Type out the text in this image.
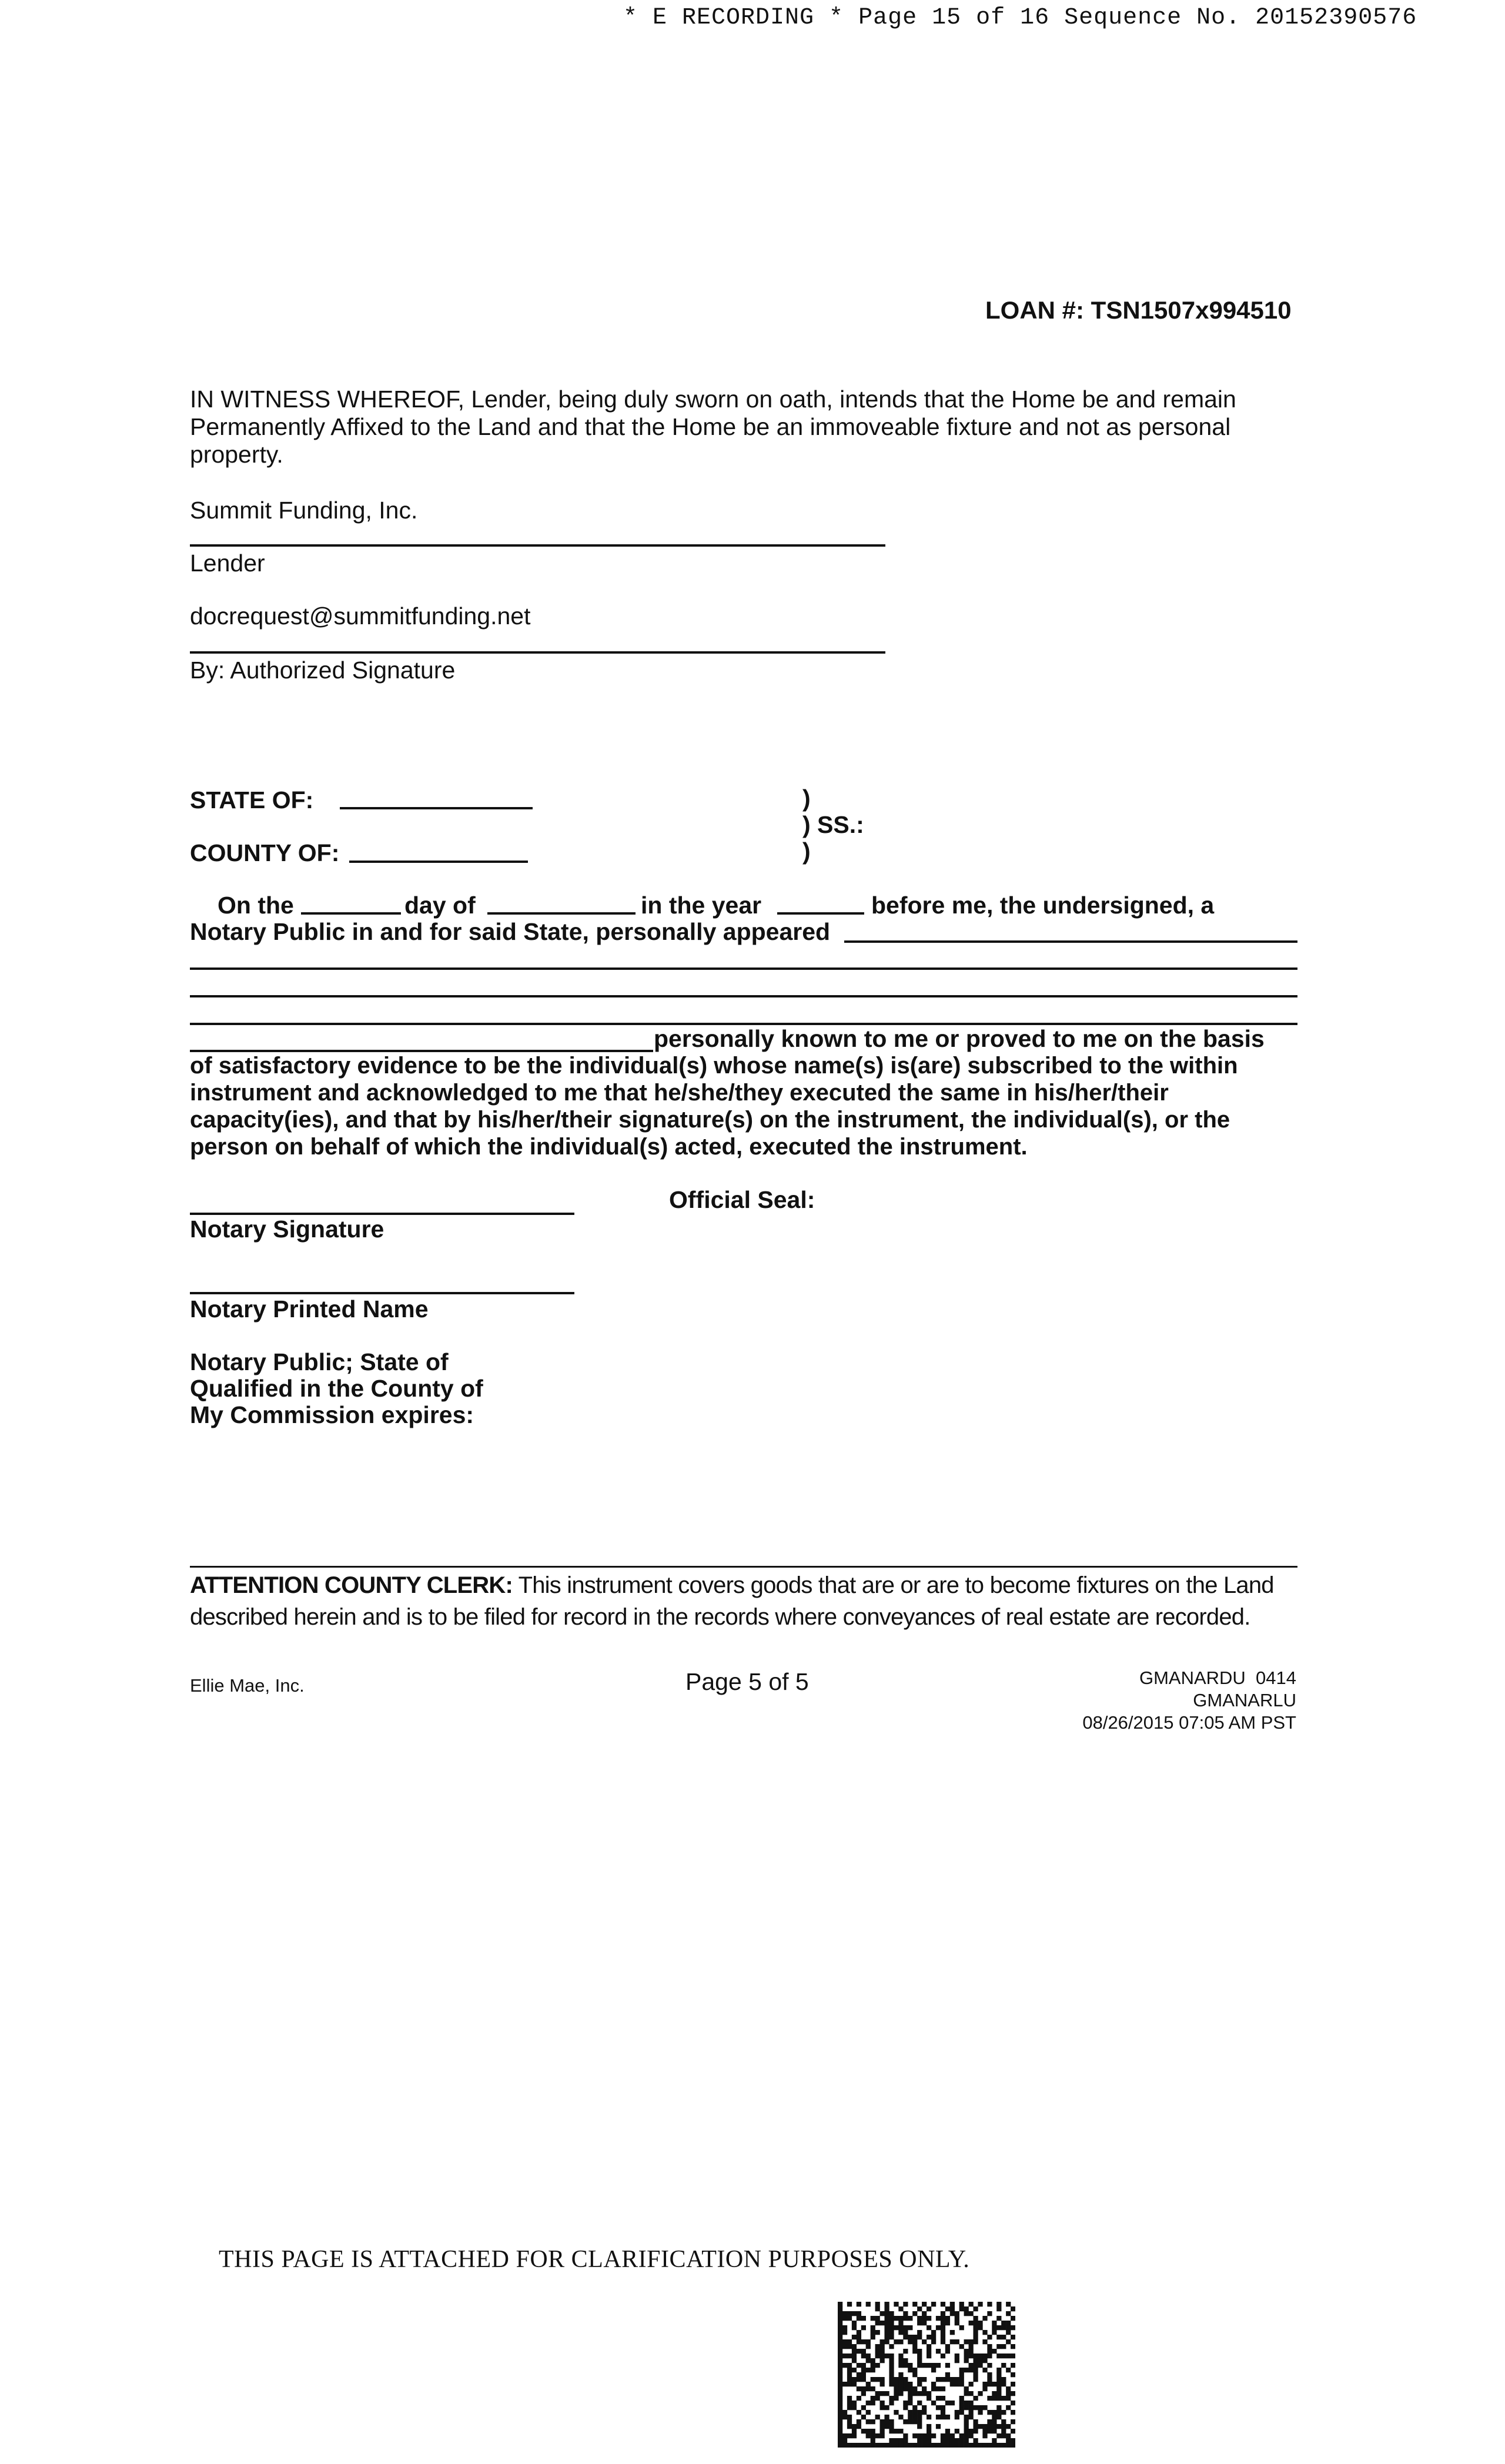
* E RECORDING * Page 15 of 16 Sequence No. 20152390576
LOAN #: TSN1507x994510
IN WITNESS WHEREOF, Lender, being duly sworn on oath, intends that the Home be and remain Permanently Affixed to the Land and that the Home be an immoveable fixture and not as personal property.
Summit Funding, Inc.
Lender
docrequest@summitfunding.net
By: Authorized Signature
STATE OF:
COUNTY OF:
)
) SS.:
)
On the	day of	in the year	before me, the undersigned, a
Notary Public in and for said State, personally appeared
personally known to me or proved to me on the basis
of satisfactory evidence to be the individual(s) whose name(s) is(are) subscribed to the within instrument and acknowledged to me that he/she/they executed the same in his/her/their capacity(ies), and that by his/her/their signature(s) on the instrument, the individual(s), or the person on behalf of which the individual(s) acted, executed the instrument.
Official Seal:
Notary Signature
Notary Printed Name
Notary Public; State of
Qualified in the County of
My Commission expires:
ATTENTION COUNTY CLERK: This instrument covers goods that are or are to become fixtures on the Land described herein and is to be filed for record in the records where conveyances of real estate are recorded.
Ellie Mae, Inc.	Page 5 of 5	GMANARDU  0414
GMANARLU
08/26/2015 07:05 AM PST
THIS PAGE IS ATTACHED FOR CLARIFICATION PURPOSES ONLY.
